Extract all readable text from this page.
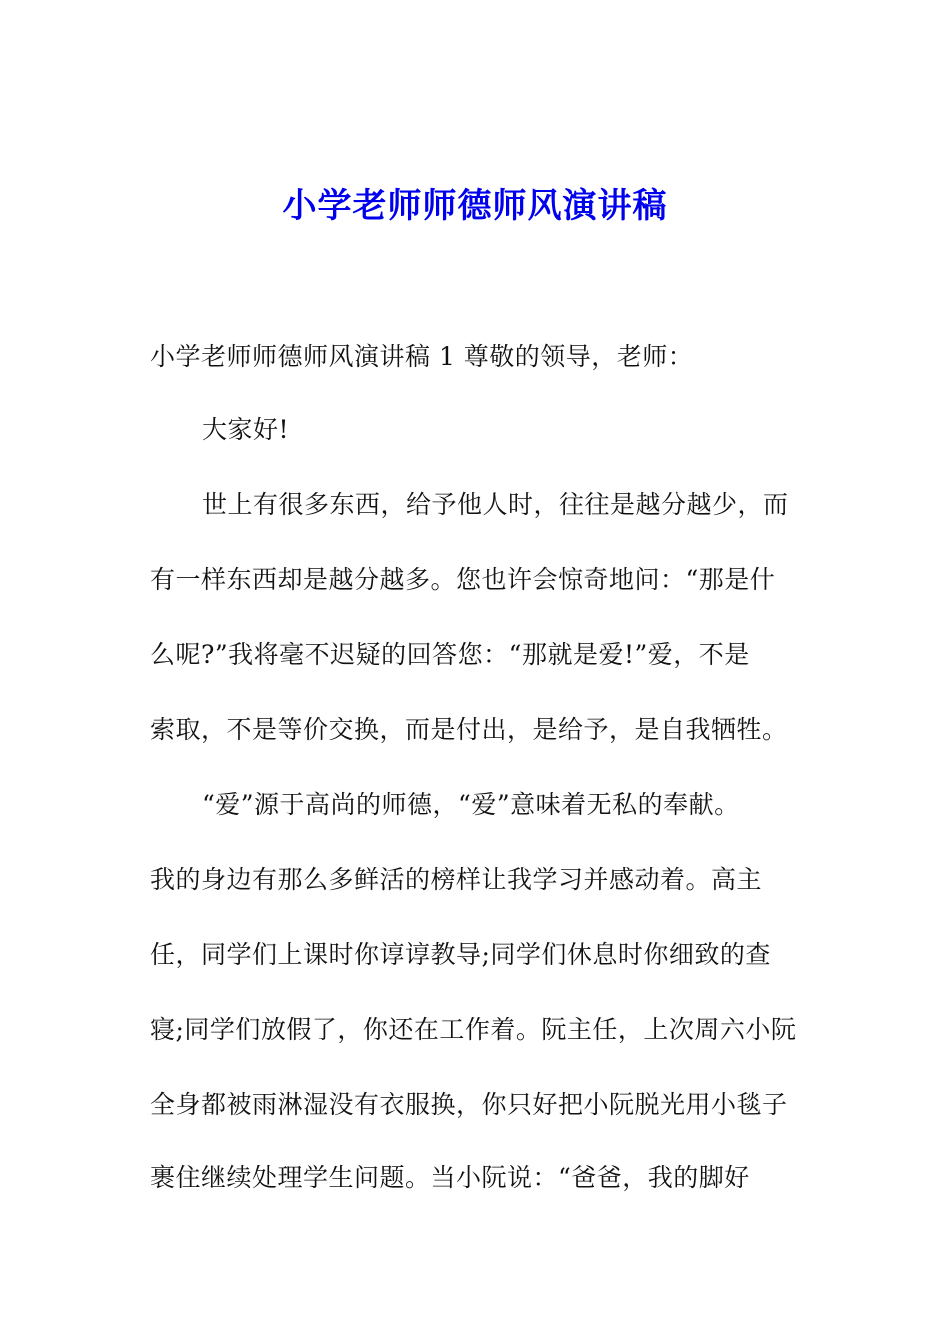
小学老师师德师风演讲稿

小学老师师德师风演讲稿 1 尊敬的领导，老师：

大家好!

世上有很多东西，给予他人时，往往是越分越少，而

有一样东西却是越分越多。您也许会惊奇地问：“那是什

么呢?”我将毫不迟疑的回答您：“那就是爱!”爱，不是

索取，不是等价交换，而是付出，是给予，是自我牺牲。

“爱”源于高尚的师德，“爱”意味着无私的奉献。

我的身边有那么多鲜活的榜样让我学习并感动着。高主

任，同学们上课时你谆谆教导;同学们休息时你细致的查

寝;同学们放假了，你还在工作着。阮主任，上次周六小阮

全身都被雨淋湿没有衣服换，你只好把小阮脱光用小毯子

裹住继续处理学生问题。当小阮说：“爸爸，我的脚好
